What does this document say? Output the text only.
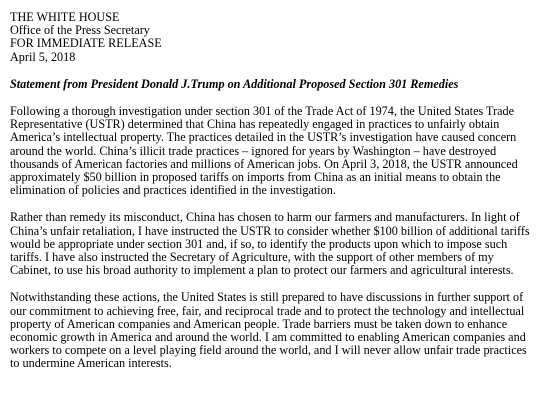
THE WHITE HOUSE
Office of the Press Secretary
FOR IMMEDIATE RELEASE
April 5, 2018
Statement from President Donald J.Trump on Additional Proposed Section 301 Remedies

Following a thorough investigation under section 301 of the Trade Act of 1974, the United States Trade
Representative (USTR) determined that China has repeatedly engaged in practices to unfairly obtain
America’s intellectual property. The practices detailed in the USTR’s investigation have caused concern
around the world. China’s illicit trade practices – ignored for years by Washington – have destroyed
thousands of American factories and millions of American jobs. On April 3, 2018, the USTR announced
approximately $50 billion in proposed tariffs on imports from China as an initial means to obtain the
elimination of policies and practices identified in the investigation.

Rather than remedy its misconduct, China has chosen to harm our farmers and manufacturers. In light of
China’s unfair retaliation, I have instructed the USTR to consider whether $100 billion of additional tariffs
would be appropriate under section 301 and, if so, to identify the products upon which to impose such
tariffs. I have also instructed the Secretary of Agriculture, with the support of other members of my
Cabinet, to use his broad authority to implement a plan to protect our farmers and agricultural interests.

Notwithstanding these actions, the United States is still prepared to have discussions in further support of
our commitment to achieving free, fair, and reciprocal trade and to protect the technology and intellectual
property of American companies and American people. Trade barriers must be taken down to enhance
economic growth in America and around the world. I am committed to enabling American companies and
workers to compete on a level playing field around the world, and I will never allow unfair trade practices
to undermine American interests.
